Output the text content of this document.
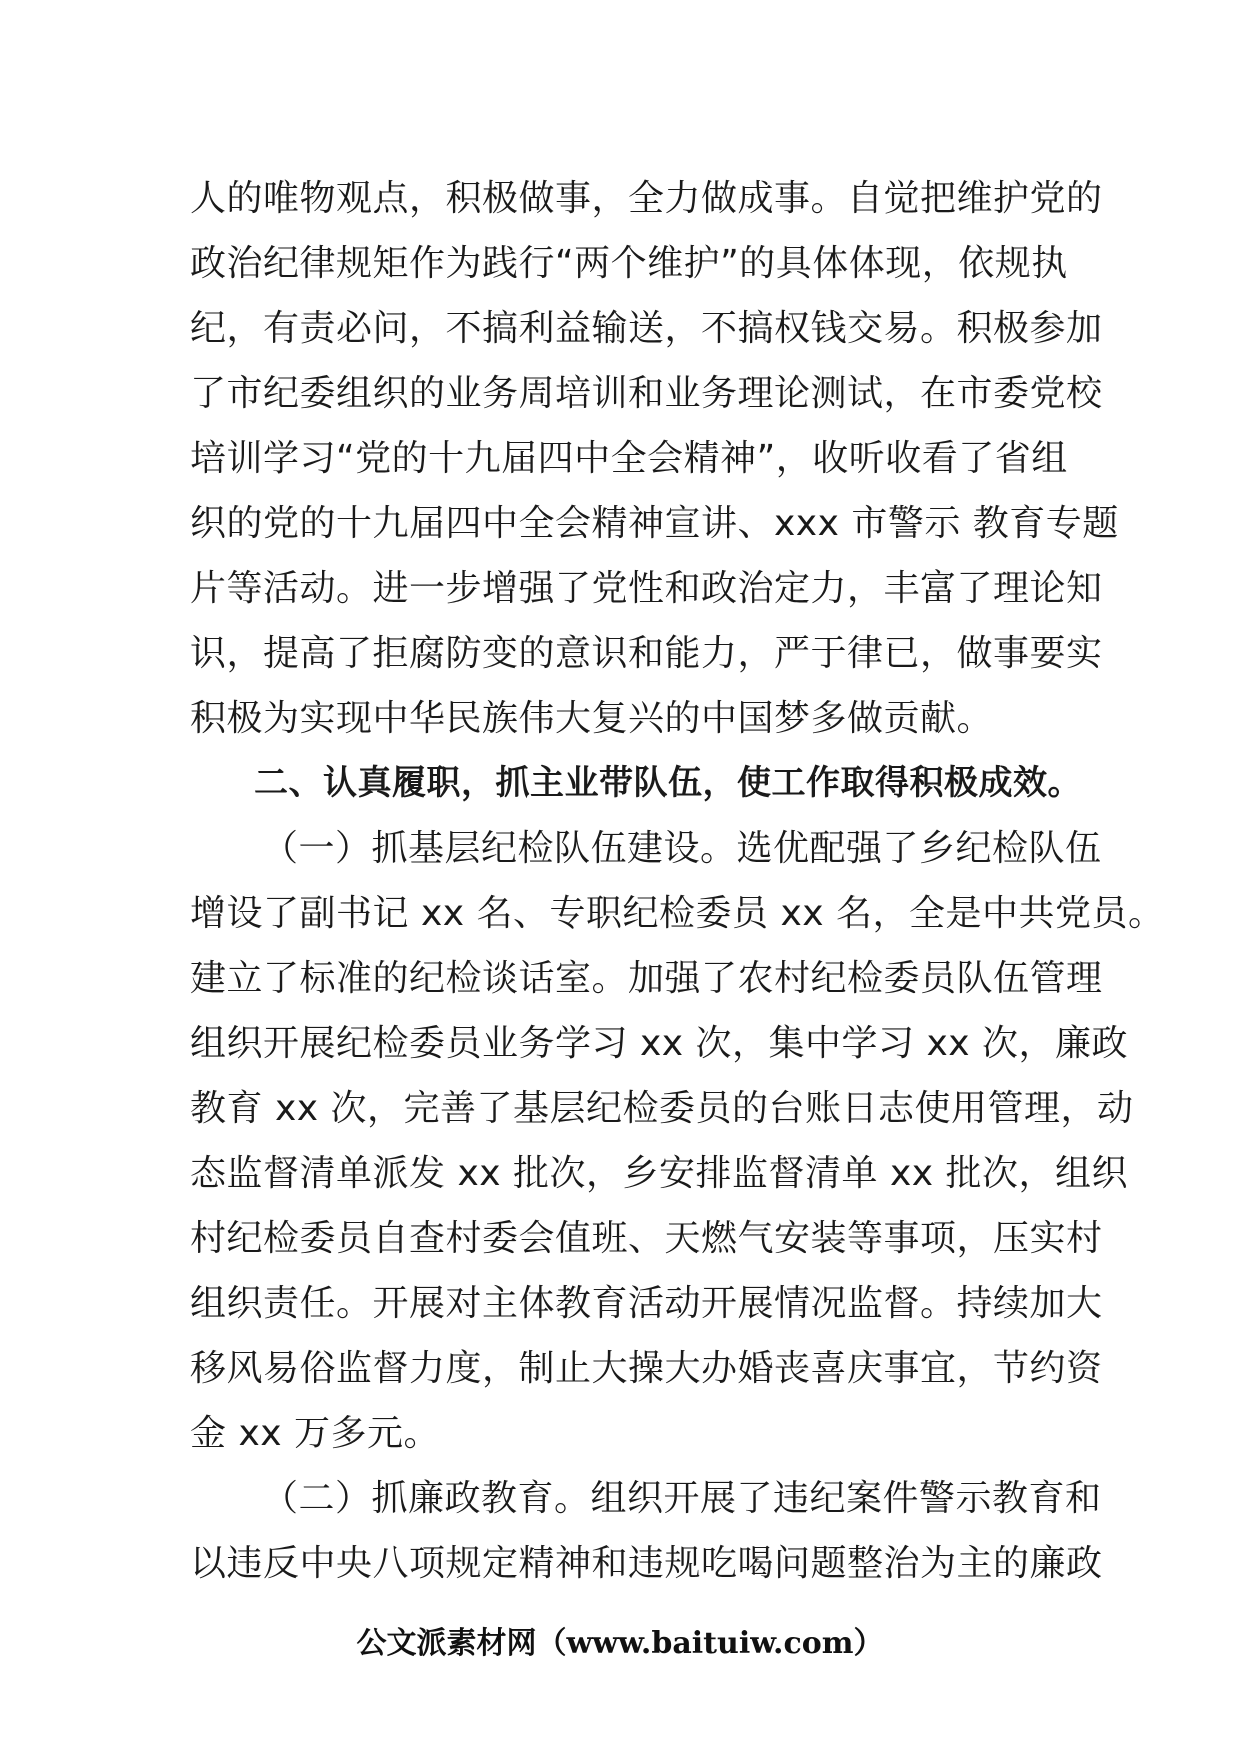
人的唯物观点，积极做事，全力做成事。自觉把维护党的
政治纪律规矩作为践行“两个维护”的具体体现，依规执
纪，有责必问，不搞利益输送，不搞权钱交易。积极参加
了市纪委组织的业务周培训和业务理论测试，在市委党校
培训学习“党的十九届四中全会精神”，收听收看了省组
织的党的十九届四中全会精神宣讲、xxx 市警示 教育专题
片等活动。进一步增强了党性和政治定力，丰富了理论知
识，提高了拒腐防变的意识和能力，严于律已，做事要实
积极为实现中华民族伟大复兴的中国梦多做贡献。
二、认真履职，抓主业带队伍，使工作取得积极成效。
（一）抓基层纪检队伍建设。选优配强了乡纪检队伍
增设了副书记 xx 名、专职纪检委员 xx 名，全是中共党员。
建立了标准的纪检谈话室。加强了农村纪检委员队伍管理
组织开展纪检委员业务学习 xx 次，集中学习 xx 次，廉政
教育 xx 次，完善了基层纪检委员的台账日志使用管理，动
态监督清单派发 xx 批次，乡安排监督清单 xx 批次，组织
村纪检委员自查村委会值班、天燃气安装等事项，压实村
组织责任。开展对主体教育活动开展情况监督。持续加大
移风易俗监督力度，制止大操大办婚丧喜庆事宜，节约资
金 xx 万多元。
（二）抓廉政教育。组织开展了违纪案件警示教育和
以违反中央八项规定精神和违规吃喝问题整治为主的廉政
公文派素材网（www.baituiw.com）
